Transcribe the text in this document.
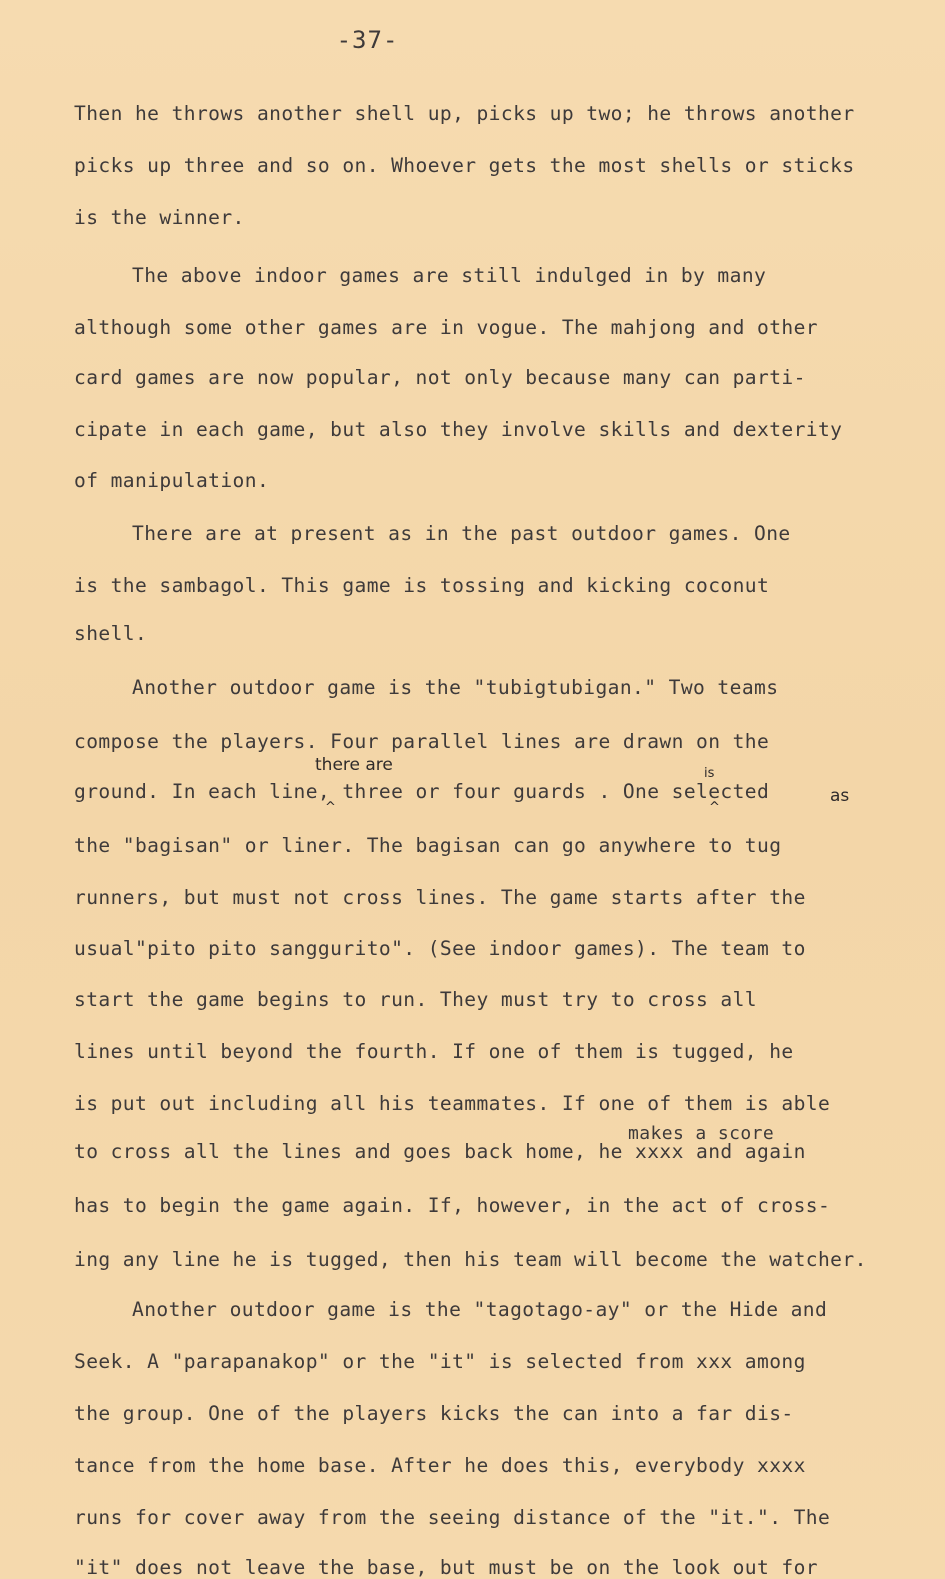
-37-
Then he throws another shell up, picks up two; he throws another
picks up three and so on. Whoever gets the most shells or sticks
is the winner.
The above indoor games are still indulged in by many
although some other games are in vogue. The mahjong and other
card games are now popular, not only because many can parti-
cipate in each game, but also they involve skills and dexterity
of manipulation.
There are at present as in the past outdoor games. One
is the sambagol. This game is tossing and kicking coconut
shell.
Another outdoor game is the "tubigtubigan." Two teams
compose the players. Four parallel lines are drawn on the
there are	is
ground. In each line, three or four guards . One selected	as
^	^
the "bagisan" or liner. The bagisan can go anywhere to tug
runners, but must not cross lines. The game starts after the
usual"pito pito sanggurito". (See indoor games). The team to
start the game begins to run. They must try to cross all
lines until beyond the fourth. If one of them is tugged, he
is put out including all his teammates. If one of them is able
makes a score
to cross all the lines and goes back home, he xxxx and again
has to begin the game again. If, however, in the act of cross-
ing any line he is tugged, then his team will become the watcher.
Another outdoor game is the "tagotago-ay" or the Hide and
Seek. A "parapanakop" or the "it" is selected from xxx among
the group. One of the players kicks the can into a far dis-
tance from the home base. After he does this, everybody xxxx
runs for cover away from the seeing distance of the "it.". The
"it" does not leave the base, but must be on the look out for
